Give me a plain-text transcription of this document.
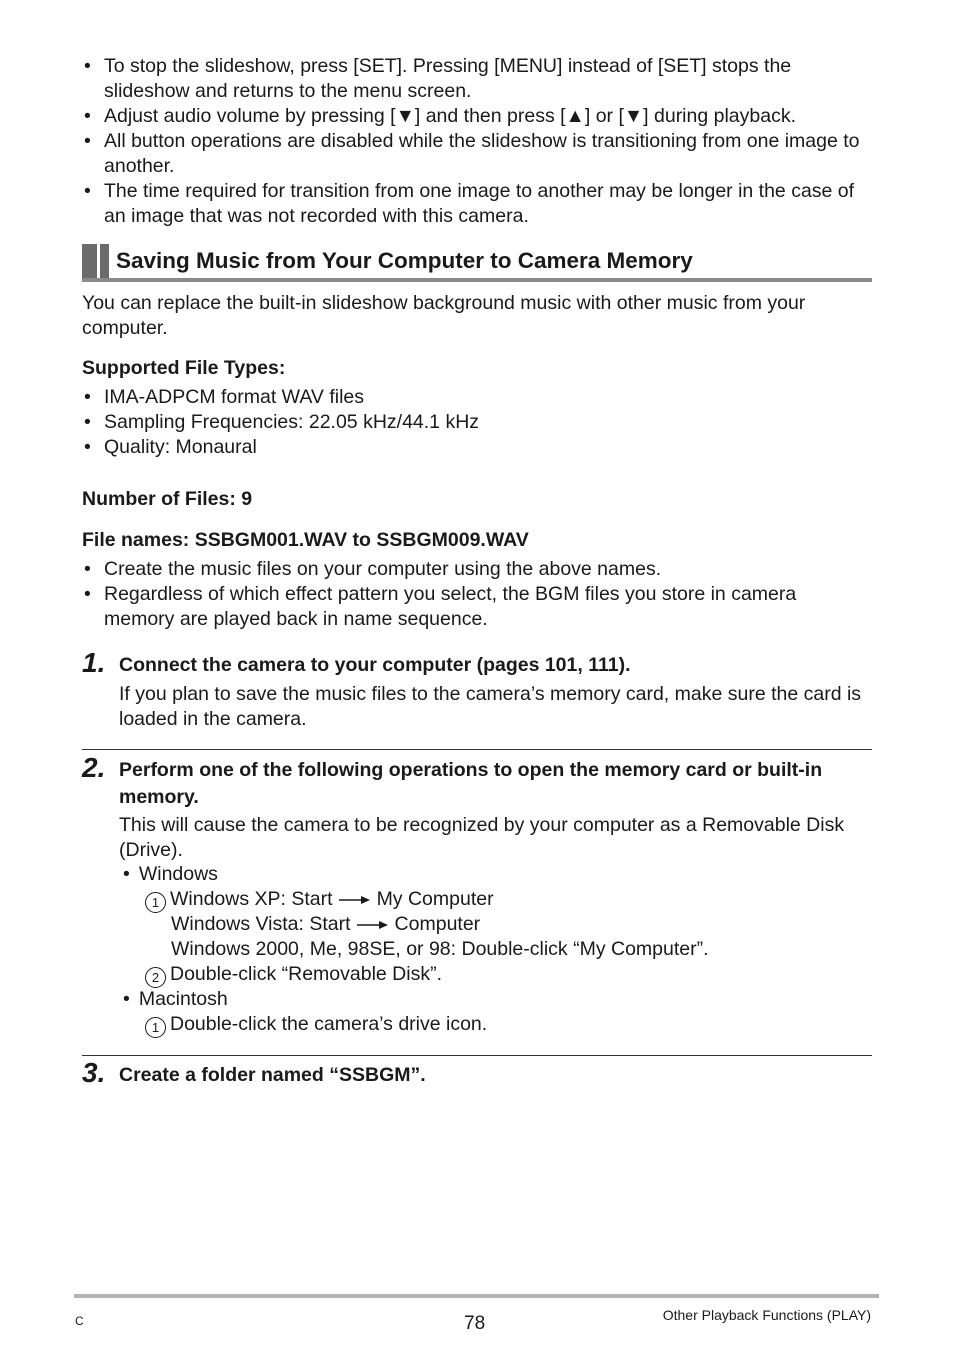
• To stop the slideshow, press [SET]. Pressing [MENU] instead of [SET] stops the slideshow and returns to the menu screen.
• Adjust audio volume by pressing [▼] and then press [▲] or [▼] during playback.
• All button operations are disabled while the slideshow is transitioning from one image to another.
• The time required for transition from one image to another may be longer in the case of an image that was not recorded with this camera.
Saving Music from Your Computer to Camera Memory

You can replace the built-in slideshow background music with other music from your computer.

Supported File Types:

• IMA-ADPCM format WAV files
• Sampling Frequencies: 22.05 kHz/44.1 kHz
• Quality: Monaural

Number of Files: 9

File names: SSBGM001.WAV to SSBGM009.WAV

• Create the music files on your computer using the above names.
• Regardless of which effect pattern you select, the BGM files you store in camera memory are played back in name sequence.
1. Connect the camera to your computer (pages 101, 111).

If you plan to save the music files to the camera’s memory card, make sure the card is loaded in the camera.

2. Perform one of the following operations to open the memory card or built-in memory.

This will cause the camera to be recognized by your computer as a Removable Disk (Drive).

• Windows
1 Windows XP: Start My Computer
Windows Vista: Start Computer
Windows 2000, Me, 98SE, or 98: Double-click “My Computer”.
2 Double-click “Removable Disk”.
• Macintosh
1 Double-click the camera’s drive icon.
3. Create a folder named “SSBGM”.

C	78	Other Playback Functions (PLAY)
